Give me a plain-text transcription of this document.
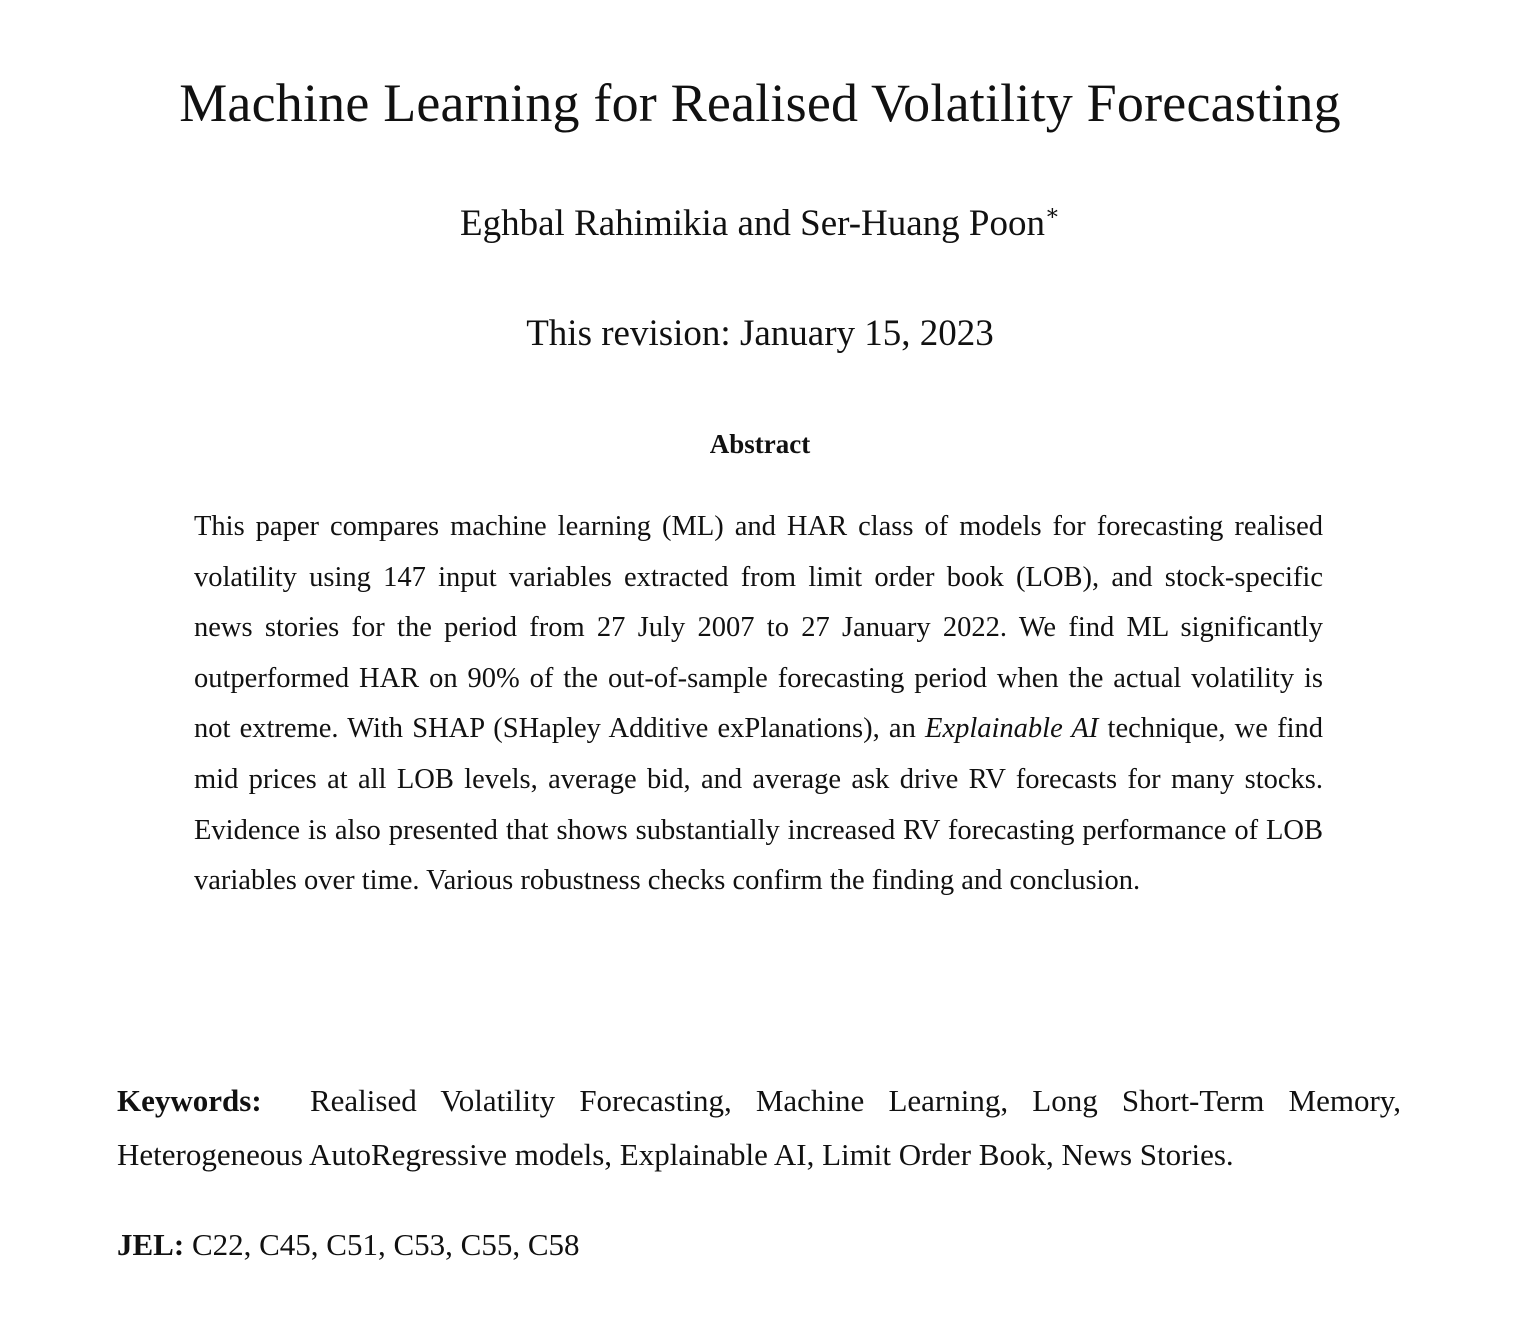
Machine Learning for Realised Volatility Forecasting
Eghbal Rahimikia and Ser-Huang Poon∗
This revision: January 15, 2023
Abstract

This paper compares machine learning (ML) and HAR class of models for forecasting realised volatility using 147 input variables extracted from limit order book (LOB), and stock-specific news stories for the period from 27 July 2007 to 27 January 2022. We find ML significantly outperformed HAR on 90% of the out-of-sample forecasting period when the actual volatility is not extreme. With SHAP (SHapley Additive exPlanations), an Explainable AI technique, we find mid prices at all LOB levels, average bid, and average ask drive RV forecasts for many stocks. Evidence is also presented that shows substantially increased RV forecasting performance of LOB variables over time. Various robustness checks confirm the finding and conclusion.

Keywords: Realised Volatility Forecasting, Machine Learning, Long Short-Term Memory, Heterogeneous AutoRegressive models, Explainable AI, Limit Order Book, News Stories.

JEL: C22, C45, C51, C53, C55, C58
